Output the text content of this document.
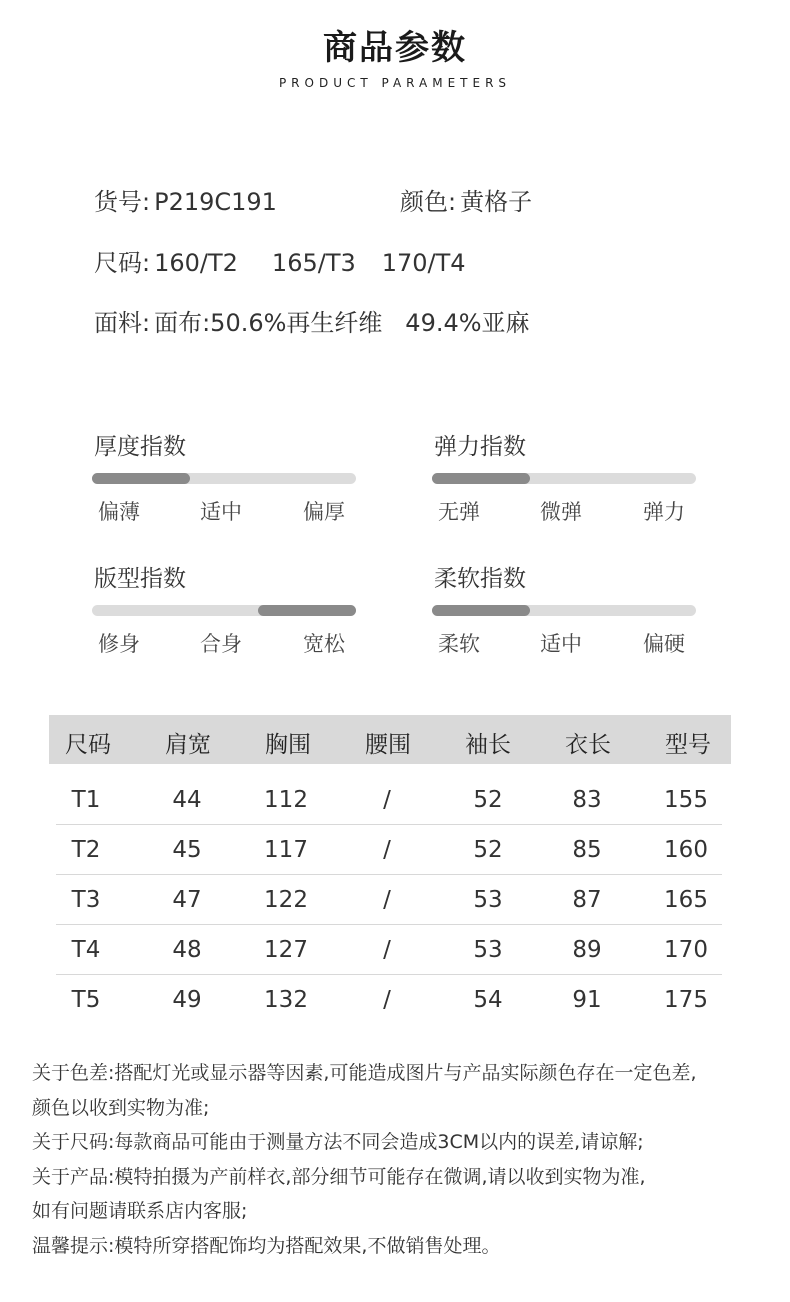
商品参数
PRODUCT PARAMETERS
货号: P219C191	颜色: 黄格子
尺码: 160/T2 165/T3 170/T4
面料: 面布:50.6%再生纤维   49.4%亚麻
厚度指数
偏薄	适中	偏厚
弹力指数
无弹	微弹	弹力
版型指数
修身	合身	宽松
柔软指数
柔软	适中	偏硬
尺码	肩宽	胸围	腰围	袖长	衣长	型号
T1	44	112	/	52	83	155
T2	45	117	/	52	85	160
T3	47	122	/	53	87	165
T4	48	127	/	53	89	170
T5	49	132	/	54	91	175
关于色差:搭配灯光或显示器等因素,可能造成图片与产品实际颜色存在一定色差,
颜色以收到实物为准;
关于尺码:每款商品可能由于测量方法不同会造成3CM以内的误差,请谅解;
关于产品:模特拍摄为产前样衣,部分细节可能存在微调,请以收到实物为准,
如有问题请联系店内客服;
温馨提示:模特所穿搭配饰均为搭配效果,不做销售处理。
